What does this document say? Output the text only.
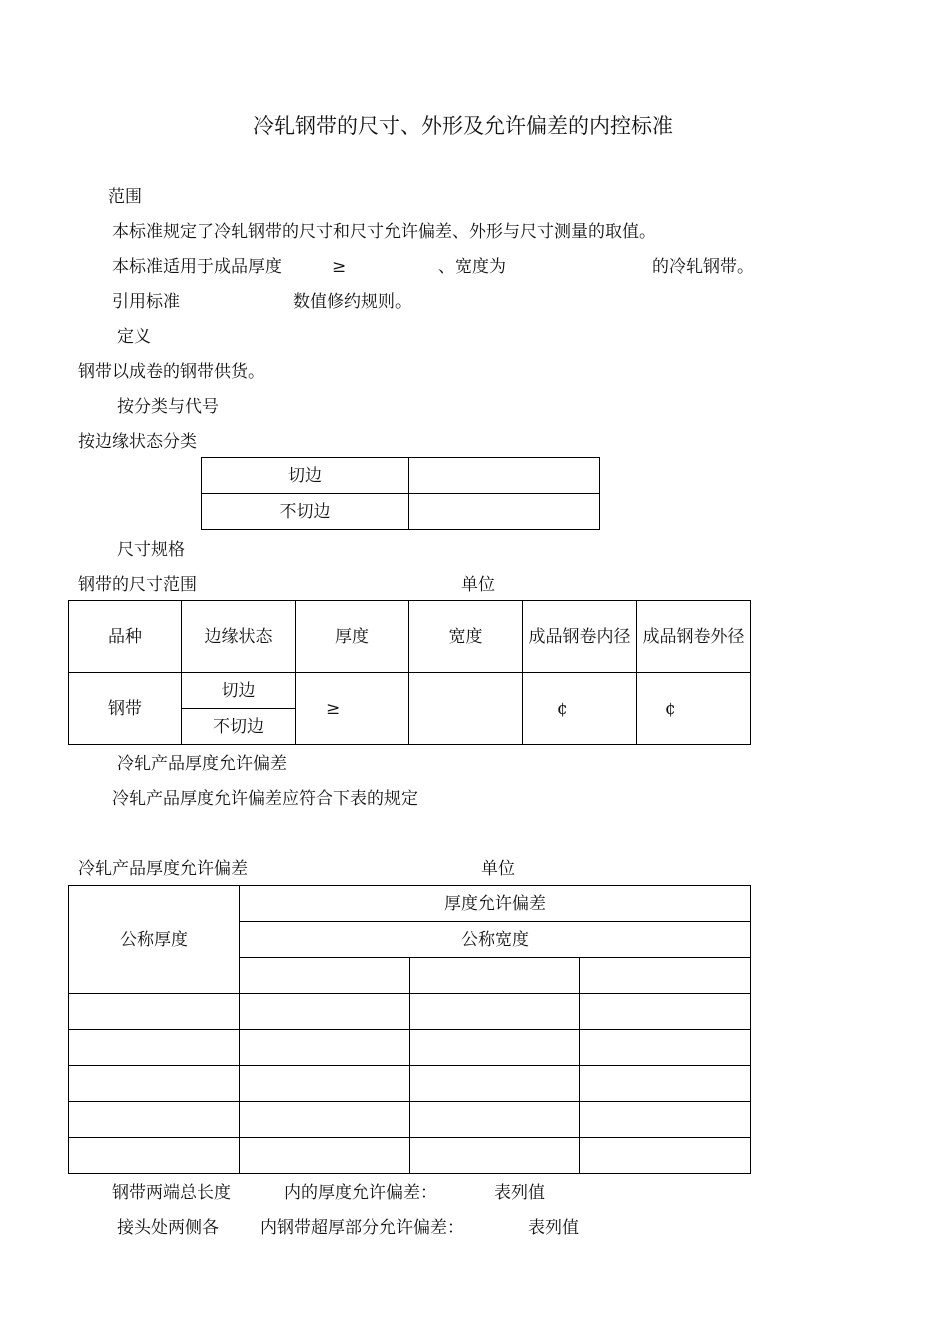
冷轧钢带的尺寸、外形及允许偏差的内控标准
范围
本标准规定了冷轧钢带的尺寸和尺寸允许偏差、外形与尺寸测量的取值。
本标准适用于成品厚度	≥	、宽度为	的冷轧钢带。
引用标准	数值修约规则。
定义
钢带以成卷的钢带供货。
按分类与代号
按边缘状态分类
切边	
不切边	
尺寸规格
钢带的尺寸范围	单位
品种	边缘状态	厚度	宽度	成品钢卷内径	成品钢卷外径
钢带	切边	≥		¢	¢
	不切边				
冷轧产品厚度允许偏差
冷轧产品厚度允许偏差应符合下表的规定
冷轧产品厚度允许偏差	单位
公称厚度	厚度允许偏差		
	公称宽度		

钢带两端总长度	内的厚度允许偏差：	表列值
接头处两侧各 内钢带超厚部分允许偏差：	表列值
